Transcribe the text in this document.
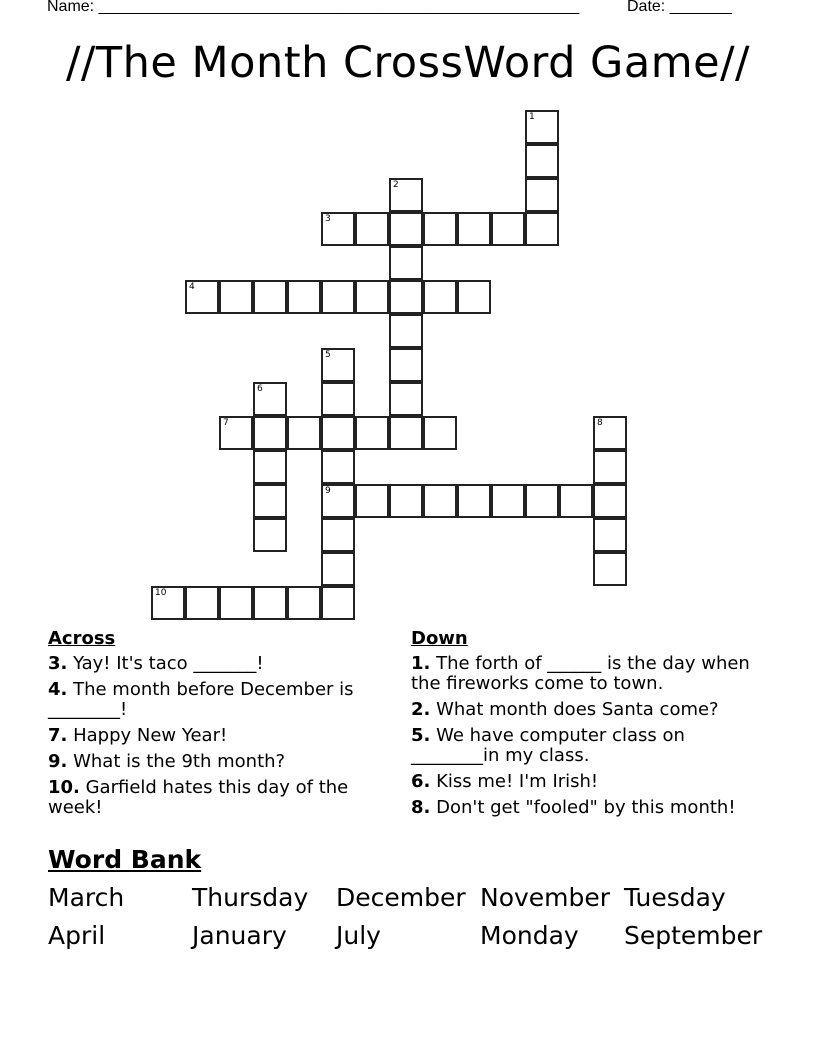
Name: ______________________________________________________	Date: _______
//The Month CrossWord Game//
1
2
3
4
5
9
6
7	8
10
Across
3. Yay! It's taco _______!
4. The month before December is ________!
7. Happy New Year!
9. What is the 9th month?
10. Garfield hates this day of the week!
Down
1. The forth of ______ is the day when the fireworks come to town.
2. What month does Santa come?
5. We have computer class on ________in my class.
6. Kiss me! I'm Irish!
8. Don't get "fooled" by this month!
Word Bank
March	Thursday December November Tuesday
April	January July	Monday September
